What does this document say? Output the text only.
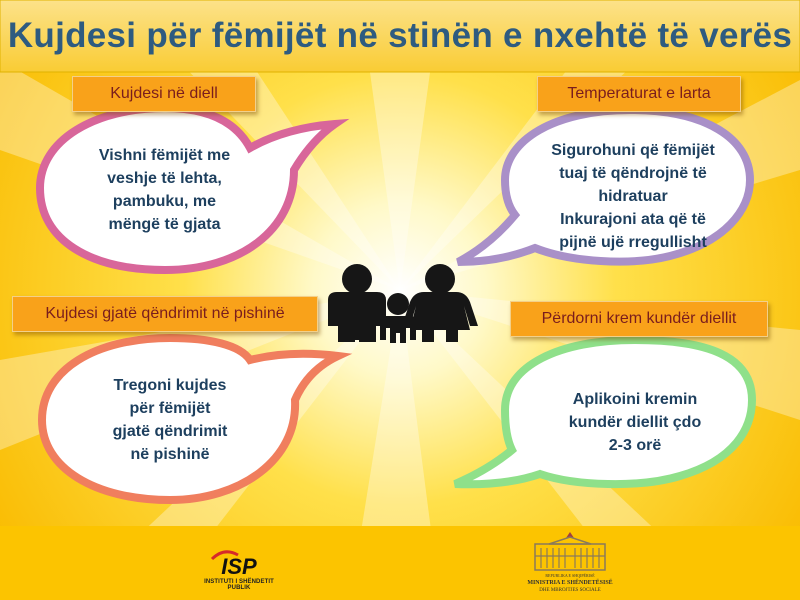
Kujdesi për fëmijët në stinën e nxehtë të verës
Kujdesi në diell	Temperaturat e larta
Kujdesi gjatë qëndrimit në pishinë	Përdorni krem kundër diellit
Vishni fëmijët me
veshje të lehta,
pambuku, me
mëngë të gjata
Sigurohuni që fëmijët
tuaj të qëndrojnë të
hidratuar
Inkurajoni ata që të
pijnë ujë rregullisht
Tregoni kujdes
për fëmijët
gjatë qëndrimit
në pishinë
Aplikoini kremin
kundër diellit çdo
2-3 orë
ISP
INSTITUTI I SHËNDETIT PUBLIK
REPUBLIKA E SHQIPËRISË
MINISTRIA E SHËNDETËSISË
DHE MBROJTJES SOCIALE
